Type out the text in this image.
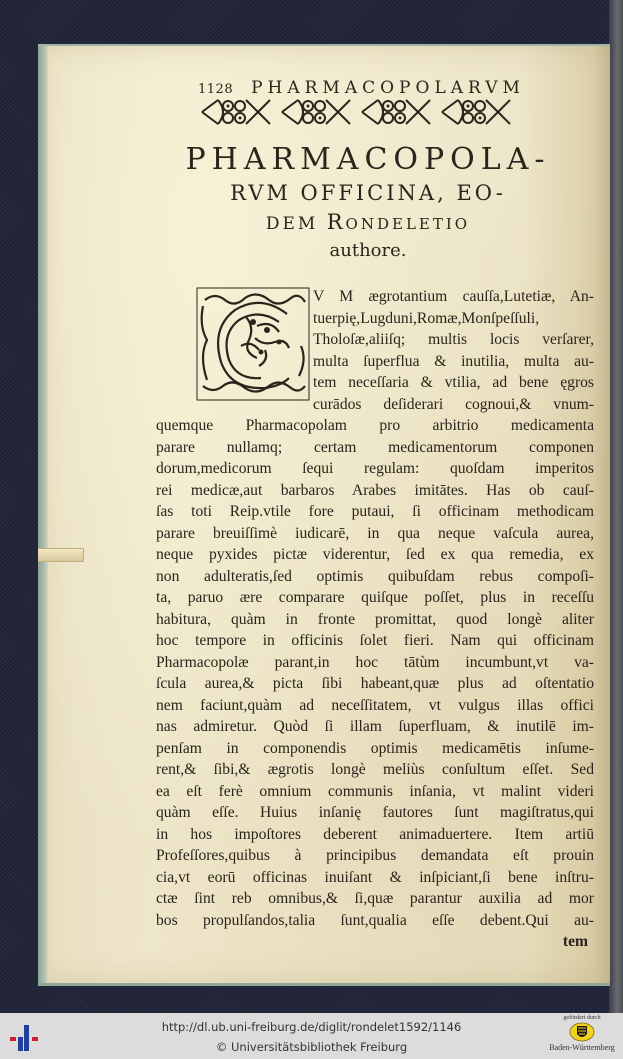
1128 PHARMACOPOLARVM
PHARMACOPOLA-
RVM OFFICINA, EO-
DEM Rondeletio
authore.
V M ægrotantium cauſſa,Lutetiæ, An-
tuerpię,Lugduni,Romæ,Monſpeſſuli,
Tholoſæ,aliiſq; multis locis verſarer,
multa ſuperflua & inutilia, multa au-
tem neceſſaria & vtilia, ad bene ęgros
curādos deſiderari cognoui,& vnum-
quemque Pharmacopolam pro arbitrio medicamenta
parare nullamq; certam medicamentorum componen
dorum,medicorum ſequi regulam: quoſdam imperitos
rei medicæ,aut barbaros Arabes imitātes. Has ob cauſ-
ſas toti Reip.vtile fore putaui, ſi officinam methodicam
parare breuiſſimè iudicarē, in qua neque vaſcula aurea,
neque pyxides pictæ viderentur, ſed ex qua remedia, ex
non adulteratis,ſed optimis quibuſdam rebus compoſi-
ta, paruo ære comparare quiſque poſſet, plus in receſſu
habitura, quàm in fronte promittat, quod longè aliter
hoc tempore in officinis ſolet fieri. Nam qui officinam
Pharmacopolæ parant,in hoc tātùm incumbunt,vt va-
ſcula aurea,& picta ſibi habeant,quæ plus ad oſtentatio
nem faciunt,quàm ad neceſſitatem, vt vulgus illas offici
nas admiretur. Quòd ſi illam ſuperfluam, & inutilē im-
penſam in componendis optimis medicamētis inſume-
rent,& ſibi,& ægrotis longè meliùs conſultum eſſet. Sed
ea eſt ferè omnium communis inſania, vt malint videri
quàm eſſe. Huius inſanię fautores ſunt magiſtratus,qui
in hos impoſtores deberent animaduertere. Item artiū
Profeſſores,quibus à principibus demandata eſt prouin
cia,vt eorū officinas inuiſant & inſpiciant,ſi bene inſtru-
ctæ ſint reb omnibus,& ſi,quæ parantur auxilia ad mor
bos propulſandos,talia ſunt,qualia eſſe debent.Qui au-
tem
http://dl.ub.uni-freiburg.de/diglit/rondelet1592/1146
© Universitätsbibliothek Freiburg
gefördert durch
Baden-Württemberg
